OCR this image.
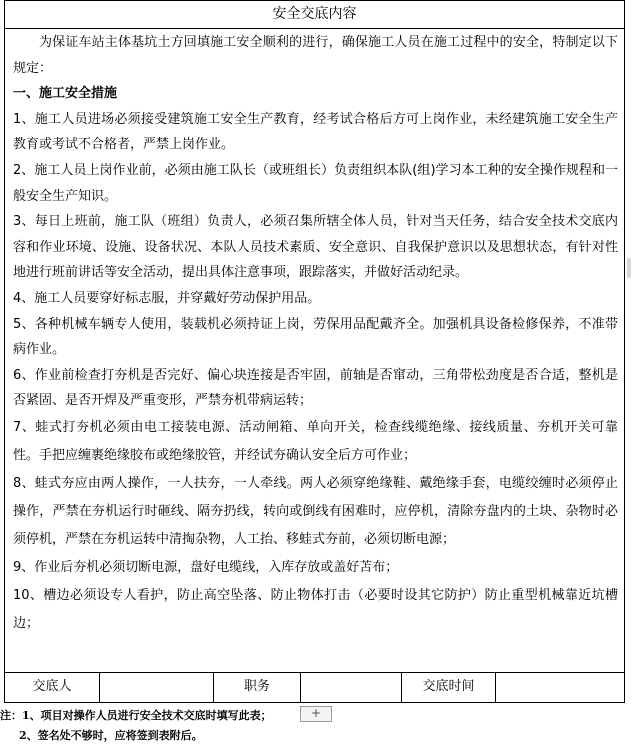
安全交底内容

为保证车站主体基坑土方回填施工安全顺利的进行，确保施工人员在施工过程中的安全，特制定以下规定：

一、施工安全措施

1、施工人员进场必须接受建筑施工安全生产教育，经考试合格后方可上岗作业，未经建筑施工安全生产教育或考试不合格者，严禁上岗作业。

2、施工人员上岗作业前，必须由施工队长（或班组长）负责组织本队(组)学习本工种的安全操作规程和一般安全生产知识。

3、每日上班前，施工队（班组）负责人，必须召集所辖全体人员，针对当天任务，结合安全技术交底内容和作业环境、设施、设备状况、本队人员技术素质、安全意识、自我保护意识以及思想状态，有针对性地进行班前讲话等安全活动，提出具体注意事项，跟踪落实，并做好活动纪录。

4、施工人员要穿好标志服，并穿戴好劳动保护用品。

5、各种机械车辆专人使用，装载机必须持证上岗，劳保用品配戴齐全。加强机具设备检修保养，不准带病作业。

6、作业前检查打夯机是否完好、偏心块连接是否牢固，前轴是否窜动，三角带松劲度是否合适，整机是否紧固、是否开焊及严重变形，严禁夯机带病运转；

7、蛙式打夯机必须由电工接装电源、活动闸箱、单向开关，检查线缆绝缘、接线质量、夯机开关可靠性。手把应缠裹绝缘胶布或绝缘胶管，并经试夯确认安全后方可作业；

8、蛙式夯应由两人操作，一人扶夯，一人牵线。两人必须穿绝缘鞋、戴绝缘手套，电缆绞缠时必须停止操作，严禁在夯机运行时砸线、隔夯扔线，转向或倒线有困难时，应停机，清除夯盘内的土块、杂物时必须停机，严禁在夯机运转中清掏杂物，人工抬、移蛙式夯前，必须切断电源；

9、作业后夯机必须切断电源，盘好电缆线，入库存放或盖好苫布；

10、槽边必须设专人看护，防止高空坠落、防止物体打击（必要时设其它防护）防止重型机械靠近坑槽边；

交底人	职务	交底时间
注：1、项目对操作人员进行安全技术交底时填写此表；
2、签名处不够时，应将签到表附后。
+
